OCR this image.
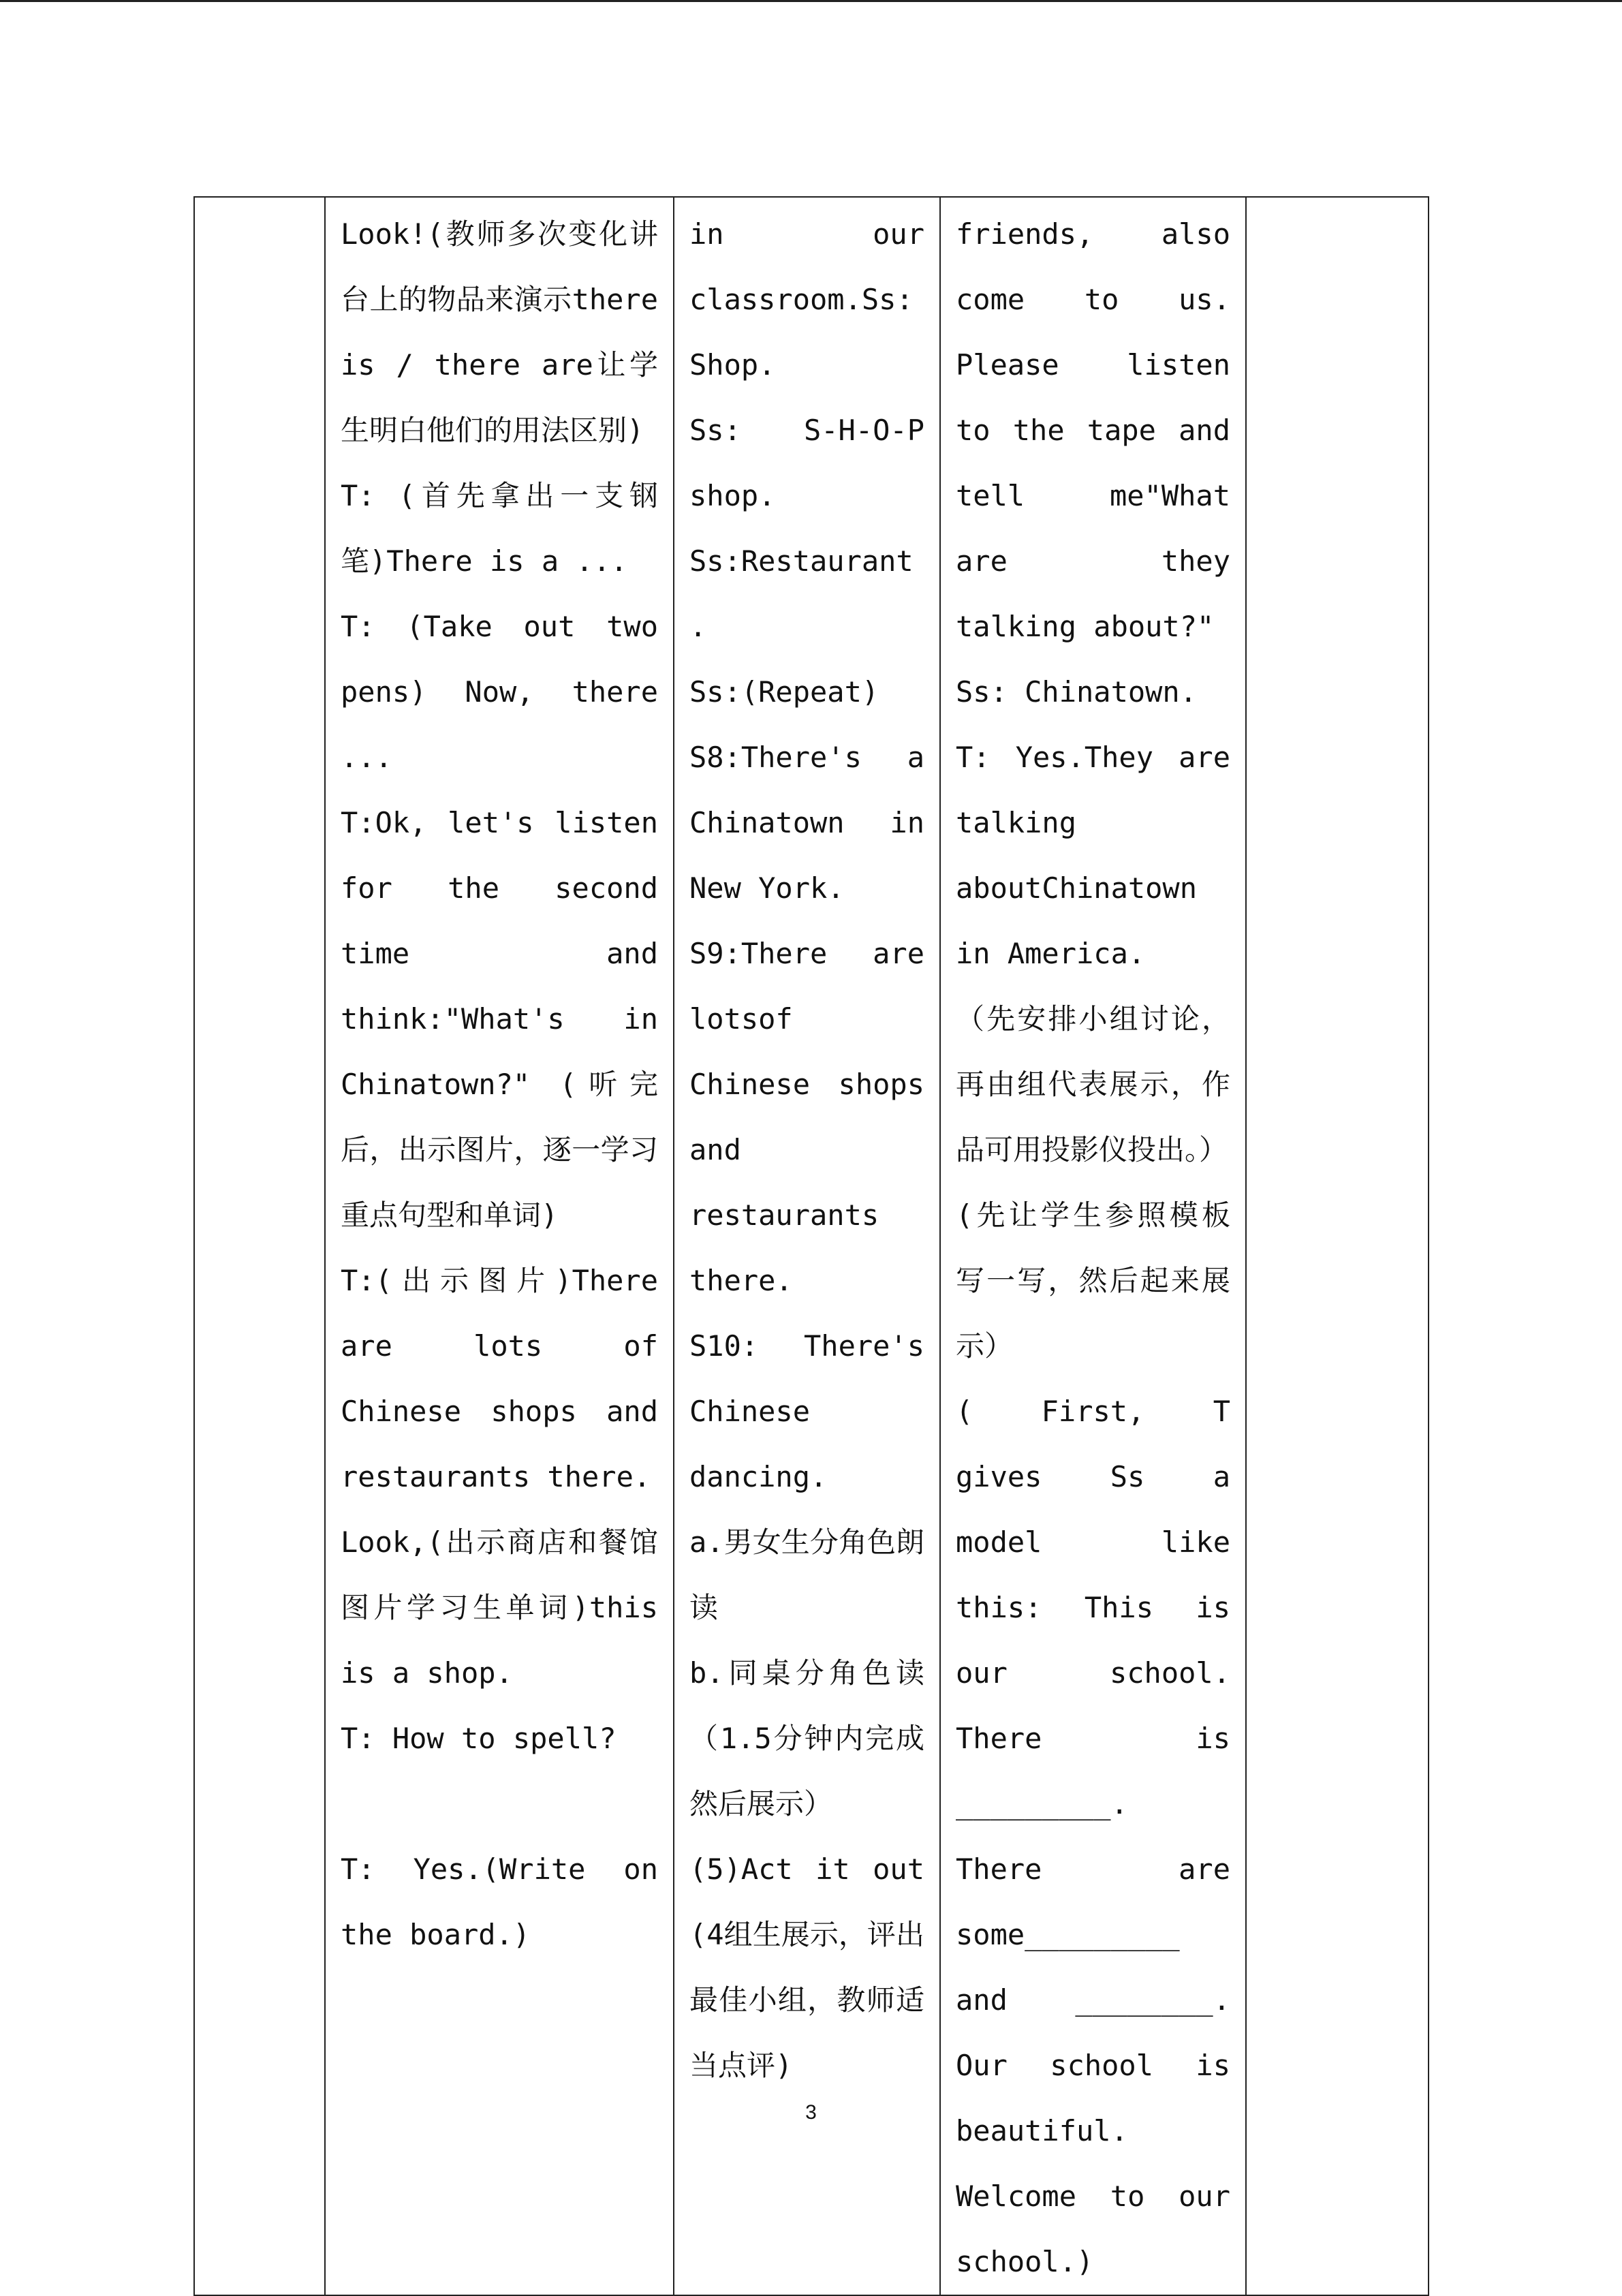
Look!(教师多次变化讲台上的物品来演示there is / there are让学生明白他们的用法区别)
T: (首先拿出一支钢笔)There is a ...
T: (Take out two pens) Now, there ...
T:Ok, let's listen for the second time and think:"What's in Chinatown?" (听完后，出示图片，逐一学习重点句型和单词)
T:(出示图片)There are lots of Chinese shops and restaurants there.
Look,(出示商店和餐馆图片学习生单词)this is a shop.
T: How to spell?

T: Yes.(Write on the board.)

in our classroom.Ss: Shop.
Ss: S-H-O-P shop.
Ss:Restaurant.
Ss:(Repeat)
S8:There's a Chinatown in New York.
S9:There are lotsof Chinese shops and restaurants there.
S10: There's Chinese dancing.
a.男女生分角色朗读
b.同桌分角色读（1.5分钟内完成然后展示）
(5)Act it out (4组生展示，评出最佳小组，教师适当点评)

friends, also come to us. Please listen to the tape and tell me"What are they talking about?"
Ss: Chinatown.
T: Yes.They are talking aboutChinatown in America.
（先安排小组讨论，再由组代表展示，作品可用投影仪投出。）
(先让学生参照模板写一写，然后起来展示）
( First, T gives Ss a model like this: This is our school. There is _________. There are some_________ and ________. Our school is beautiful. Welcome to our school.)

3
